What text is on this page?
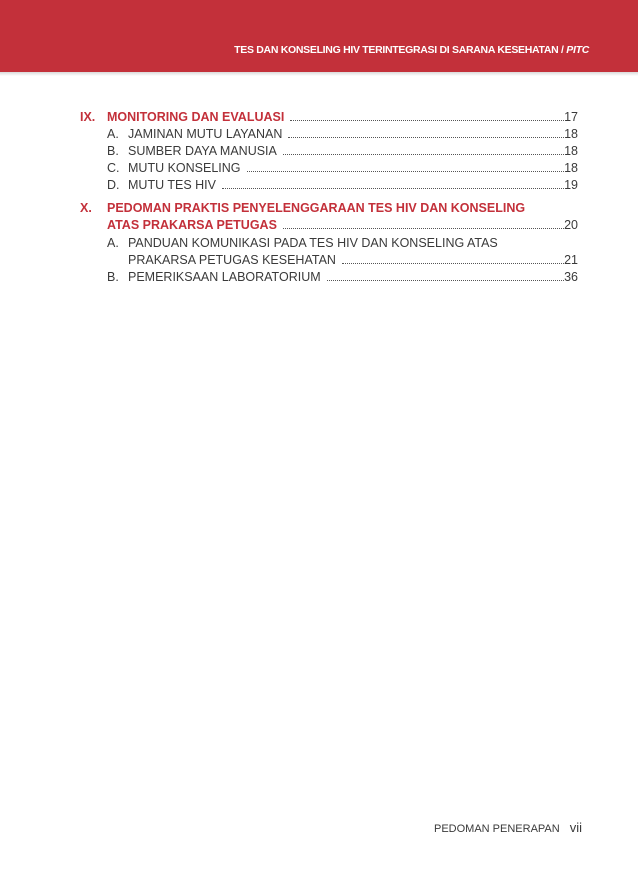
TES DAN KONSELING HIV TERINTEGRASI DI SARANA KESEHATAN / PITC
IX. MONITORING DAN EVALUASI	17
A. JAMINAN MUTU LAYANAN	18
B. SUMBER DAYA MANUSIA	18
C. MUTU KONSELING	18
D. MUTU TES HIV	19
X. PEDOMAN PRAKTIS PENYELENGGARAAN TES HIV DAN KONSELING
ATAS PRAKARSA PETUGAS	20
A. PANDUAN KOMUNIKASI PADA TES HIV DAN KONSELING ATAS
PRAKARSA PETUGAS KESEHATAN	21
B. PEMERIKSAAN LABORATORIUM	36
PEDOMAN PENERAPAN vii
